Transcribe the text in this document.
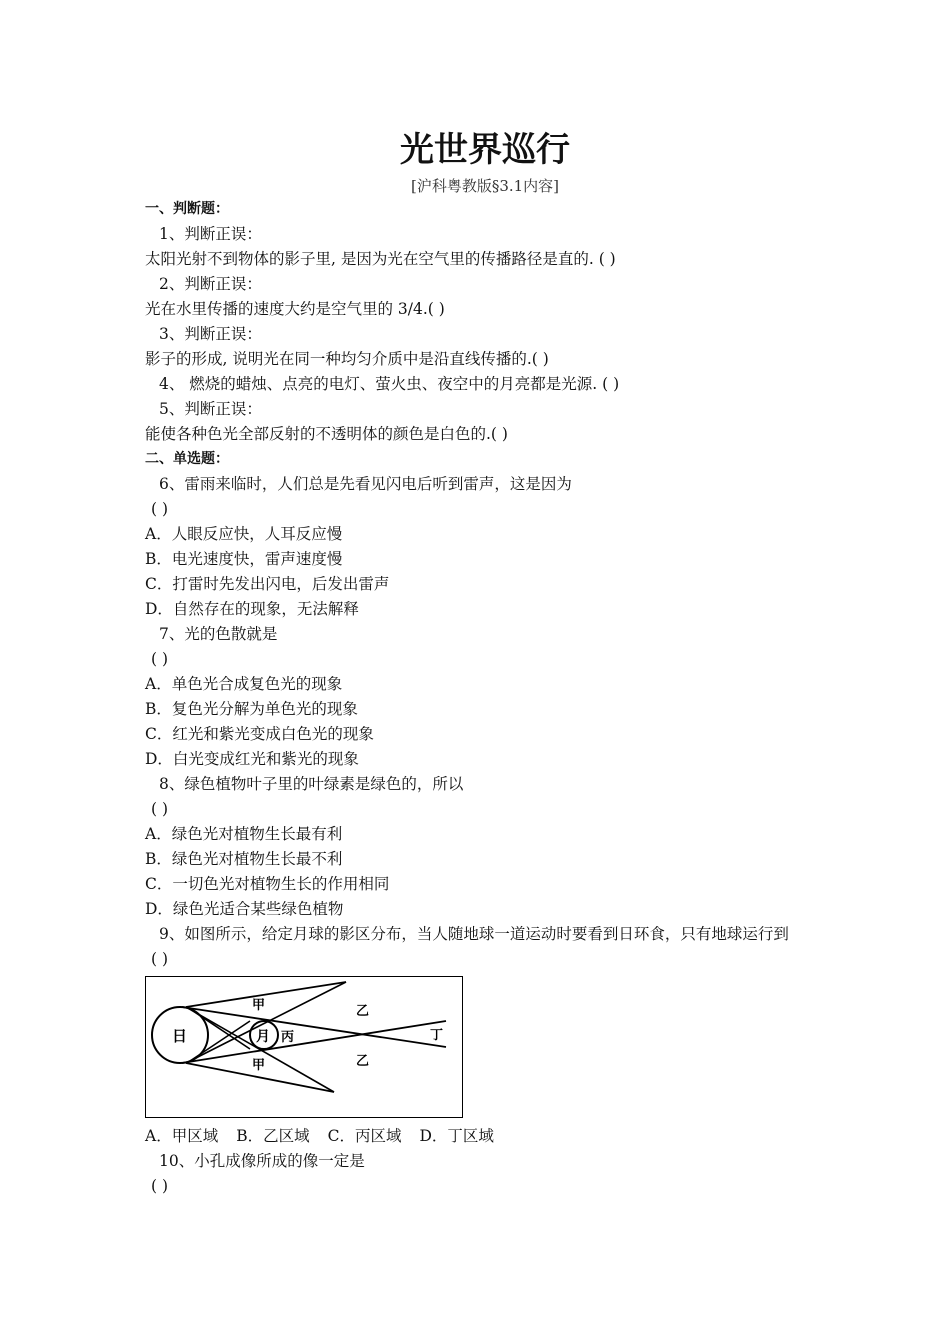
光世界巡行
[沪科粤教版§3.1内容]
一、判断题：
1、判断正误：
太阳光射不到物体的影子里, 是因为光在空气里的传播路径是直的. ( )
2、判断正误：
光在水里传播的速度大约是空气里的 3/4.( )
3、判断正误：
影子的形成, 说明光在同一种均匀介质中是沿直线传播的.( )
4、 燃烧的蜡烛、点亮的电灯、萤火虫、夜空中的月亮都是光源. ( )
5、判断正误：
能使各种色光全部反射的不透明体的颜色是白色的.( )
二、单选题：
6、雷雨来临时，人们总是先看见闪电后听到雷声，这是因为
( )
A．人眼反应快，人耳反应慢
B．电光速度快，雷声速度慢
C．打雷时先发出闪电，后发出雷声
D．自然存在的现象，无法解释
7、光的色散就是
( )
A．单色光合成复色光的现象
B．复色光分解为单色光的现象
C．红光和紫光变成白色光的现象
D．白光变成红光和紫光的现象
8、绿色植物叶子里的叶绿素是绿色的，所以
( )
A．绿色光对植物生长最有利
B．绿色光对植物生长最不利
C．一切色光对植物生长的作用相同
D．绿色光适合某些绿色植物
9、如图所示，给定月球的影区分布，当人随地球一道运动时要看到日环食，只有地球运行到
( )
日	月
甲
甲
丙
乙
乙
丁
A．甲区域 B．乙区域 C．丙区域 D．丁区域
10、小孔成像所成的像一定是
( )
